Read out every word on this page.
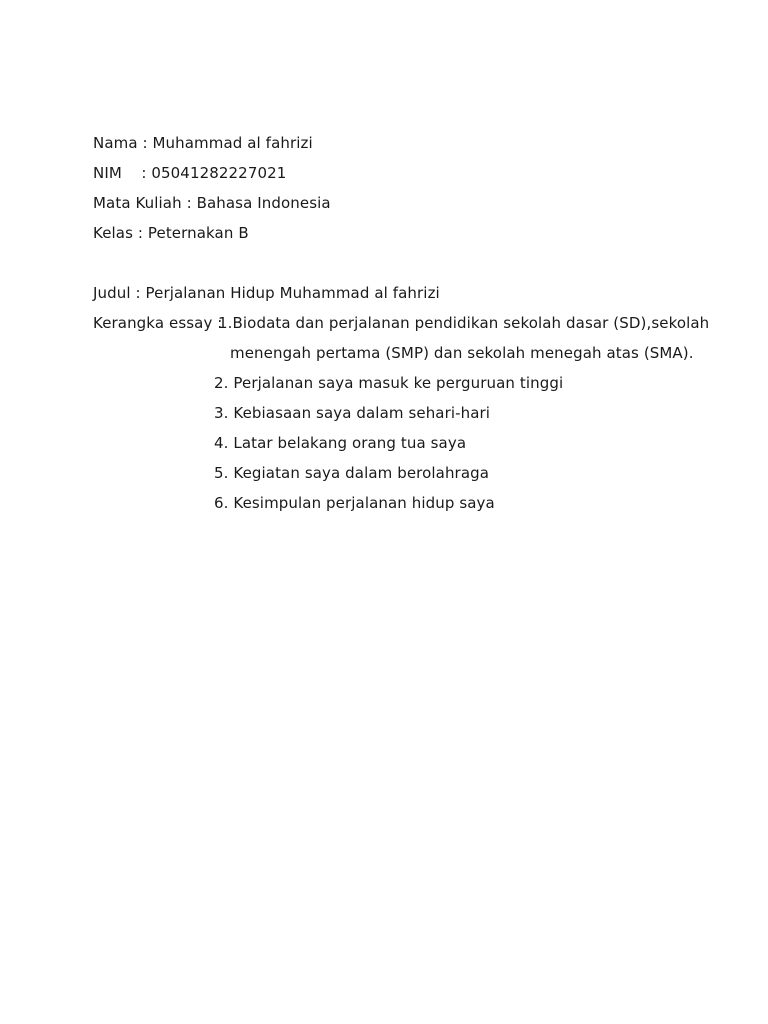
Nama : Muhammad al fahrizi
NIM    : 05041282227021
Mata Kuliah : Bahasa Indonesia
Kelas : Peternakan B
Judul : Perjalanan Hidup Muhammad al fahrizi
Kerangka essay :
1.Biodata dan perjalanan pendidikan sekolah dasar (SD),sekolah
menengah pertama (SMP) dan sekolah menegah atas (SMA).
2. Perjalanan saya masuk ke perguruan tinggi
3. Kebiasaan saya dalam sehari-hari
4. Latar belakang orang tua saya
5. Kegiatan saya dalam berolahraga
6. Kesimpulan perjalanan hidup saya
